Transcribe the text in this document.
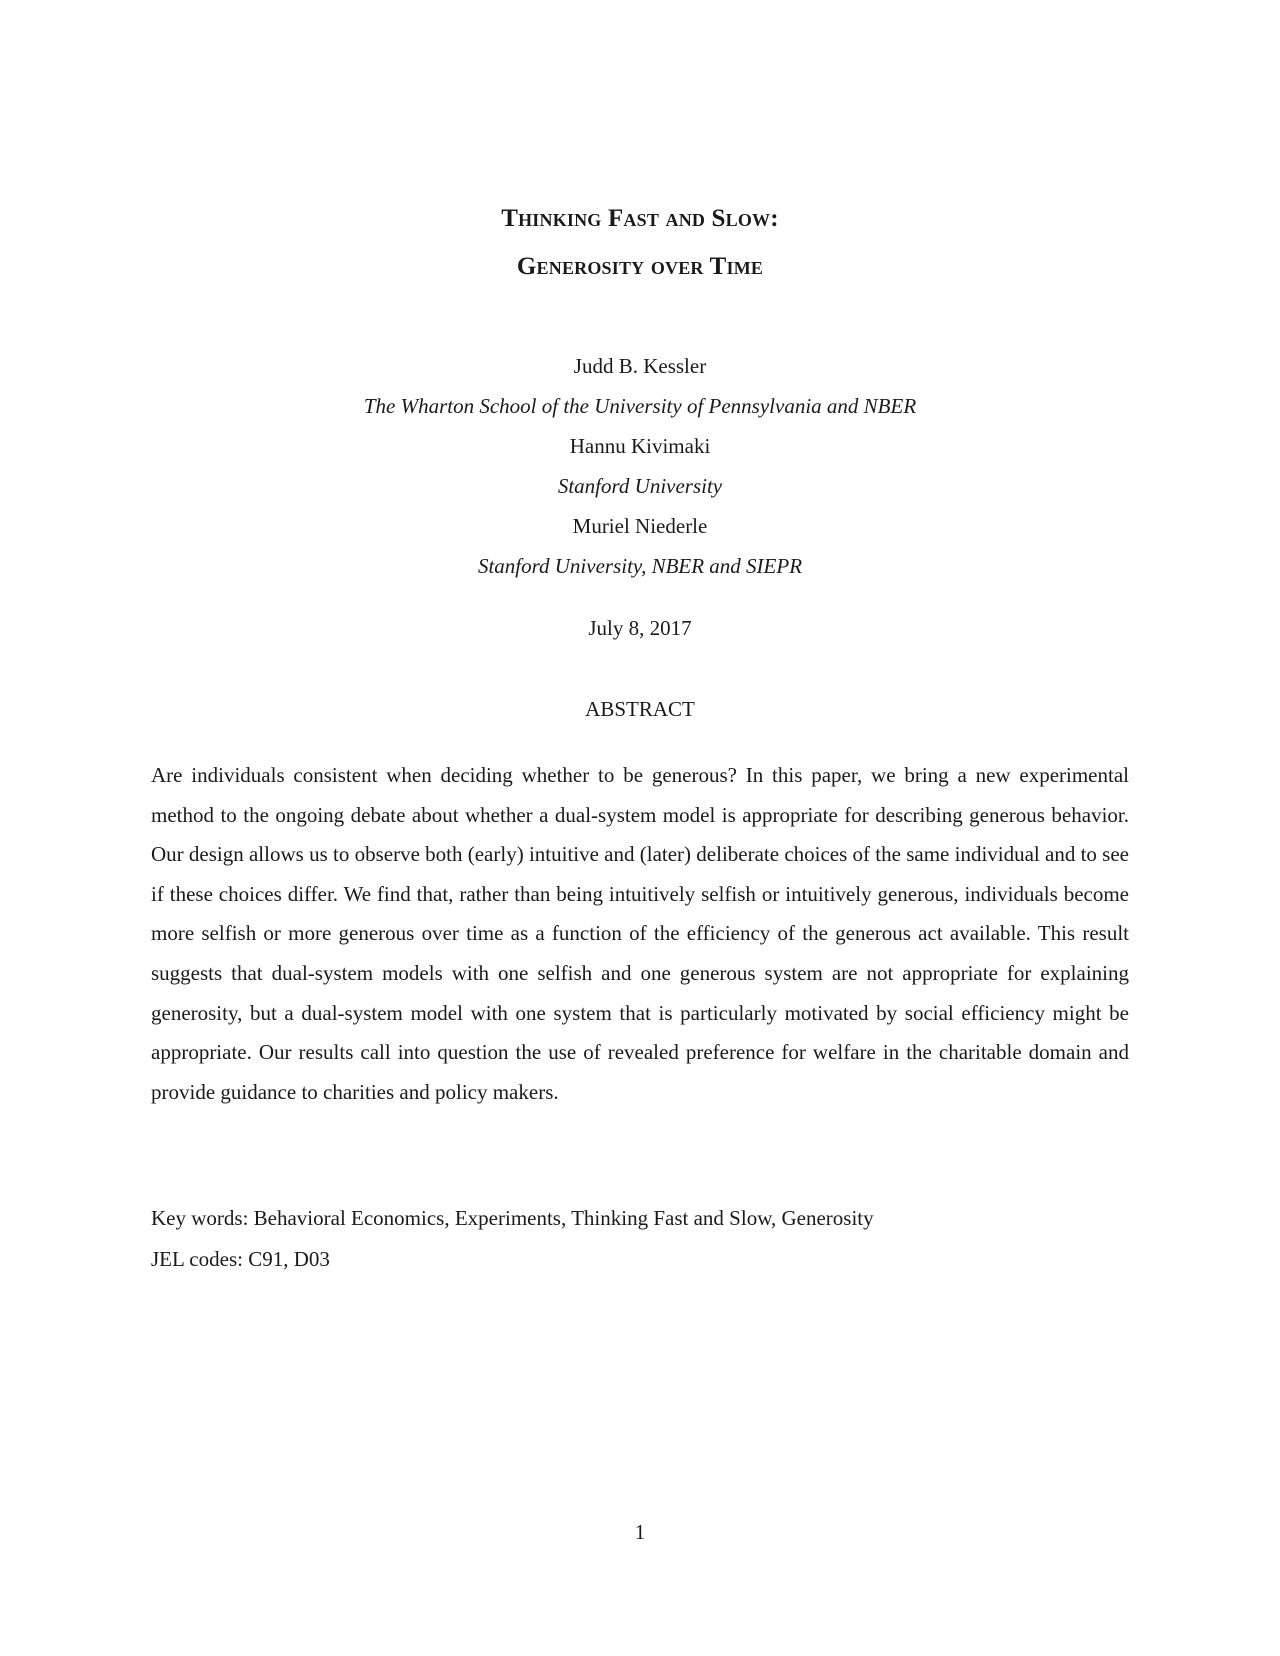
Thinking Fast and Slow:
Generosity over Time
Judd B. Kessler
The Wharton School of the University of Pennsylvania and NBER
Hannu Kivimaki
Stanford University
Muriel Niederle
Stanford University, NBER and SIEPR
July 8, 2017
ABSTRACT

Are individuals consistent when deciding whether to be generous? In this paper, we bring a new experimental method to the ongoing debate about whether a dual-system model is appropriate for describing generous behavior. Our design allows us to observe both (early) intuitive and (later) deliberate choices of the same individual and to see if these choices differ. We find that, rather than being intuitively selfish or intuitively generous, individuals become more selfish or more generous over time as a function of the efficiency of the generous act available. This result suggests that dual-system models with one selfish and one generous system are not appropriate for explaining generosity, but a dual-system model with one system that is particularly motivated by social efficiency might be appropriate. Our results call into question the use of revealed preference for welfare in the charitable domain and provide guidance to charities and policy makers.

Key words: Behavioral Economics, Experiments, Thinking Fast and Slow, Generosity
JEL codes: C91, D03
1
